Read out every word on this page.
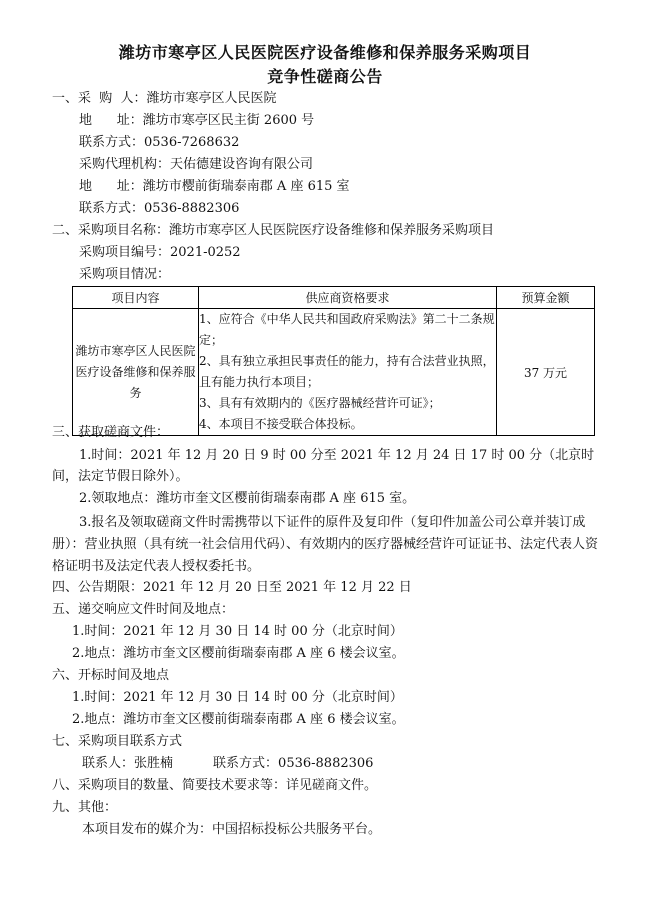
潍坊市寒亭区人民医院医疗设备维修和保养服务采购项目
竞争性磋商公告
一、采  购  人：潍坊市寒亭区人民医院
地      址：潍坊市寒亭区民主街 2600 号
联系方式：0536-7268632
采购代理机构：天佑德建设咨询有限公司
地      址：潍坊市樱前街瑞泰南郡 A 座 615 室
联系方式：0536-8882306
二、采购项目名称：潍坊市寒亭区人民医院医疗设备维修和保养服务采购项目
采购项目编号：2021-0252
采购项目情况：
项目内容	供应商资格要求	预算金额
潍坊市寒亭区人民医院医疗设备维修和保养服务	1、应符合《中华人民共和国政府采购法》第二十二条规定；
2、具有独立承担民事责任的能力，持有合法营业执照，且有能力执行本项目；
3、具有有效期内的《医疗器械经营许可证》；
4、本项目不接受联合体投标。	37 万元
三、获取磋商文件：
1.时间：2021 年 12 月 20 日 9 时 00 分至 2021 年 12 月 24 日 17 时 00 分（北京时间，法定节假日除外）。
2.领取地点：潍坊市奎文区樱前街瑞泰南郡 A 座 615 室。
3.报名及领取磋商文件时需携带以下证件的原件及复印件（复印件加盖公司公章并装订成册）：营业执照（具有统一社会信用代码）、有效期内的医疗器械经营许可证证书、法定代表人资格证明书及法定代表人授权委托书。
四、公告期限：2021 年 12 月 20 日至 2021 年 12 月 22 日
五、递交响应文件时间及地点：
1.时间：2021 年 12 月 30 日 14 时 00 分（北京时间）
2.地点：潍坊市奎文区樱前街瑞泰南郡 A 座 6 楼会议室。
六、开标时间及地点
1.时间：2021 年 12 月 30 日 14 时 00 分（北京时间）
2.地点：潍坊市奎文区樱前街瑞泰南郡 A 座 6 楼会议室。
七、采购项目联系方式
联系人：张胜楠	联系方式：0536-8882306
八、采购项目的数量、简要技术要求等：详见磋商文件。
九、其他：
本项目发布的媒介为：中国招标投标公共服务平台。
